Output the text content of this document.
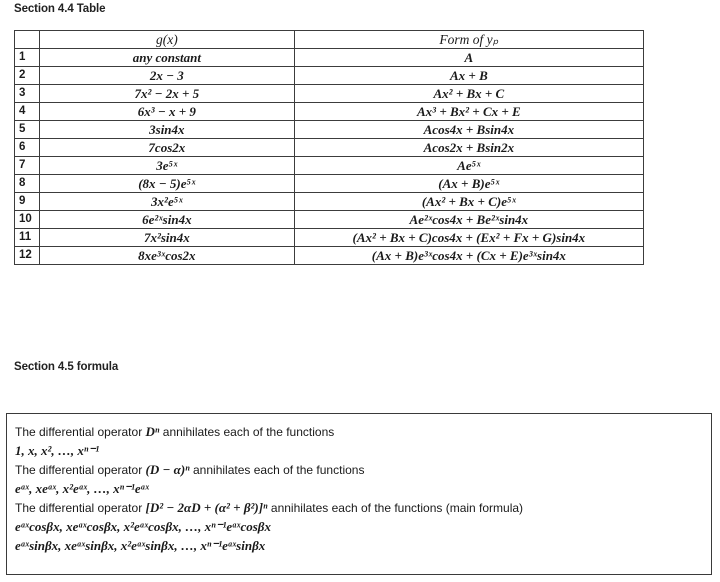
Section 4.4 Table
	g(x)	Form of yₚ
1	any constant	A
2	2x − 3	Ax + B
3	7x² − 2x + 5	Ax² + Bx + C
4	6x³ − x + 9	Ax³ + Bx² + Cx + E
5	3sin4x	Acos4x + Bsin4x
6	7cos2x	Acos2x + Bsin2x
7	3e⁵ˣ	Ae⁵ˣ
8	(8x − 5)e⁵ˣ	(Ax + B)e⁵ˣ
9	3x²e⁵ˣ	(Ax² + Bx + C)e⁵ˣ
10	6e²ˣsin4x	Ae²ˣcos4x + Be²ˣsin4x
11	7x²sin4x	(Ax² + Bx + C)cos4x + (Ex² + Fx + G)sin4x
12	8xe³ˣcos2x	(Ax + B)e³ˣcos4x + (Cx + E)e³ˣsin4x
Section 4.5 formula
The differential operator Dⁿ annihilates each of the functions
1, x, x², …, xⁿ⁻¹
The differential operator (D − α)ⁿ annihilates each of the functions
eᵅˣ, xeᵅˣ, x²eᵅˣ, …, xⁿ⁻¹eᵅˣ
The differential operator [D² − 2αD + (α² + β²)]ⁿ annihilates each of the functions (main formula)
eᵅˣcosβx, xeᵅˣcosβx, x²eᵅˣcosβx, …, xⁿ⁻¹eᵅˣcosβx
eᵅˣsinβx, xeᵅˣsinβx, x²eᵅˣsinβx, …, xⁿ⁻¹eᵅˣsinβx
